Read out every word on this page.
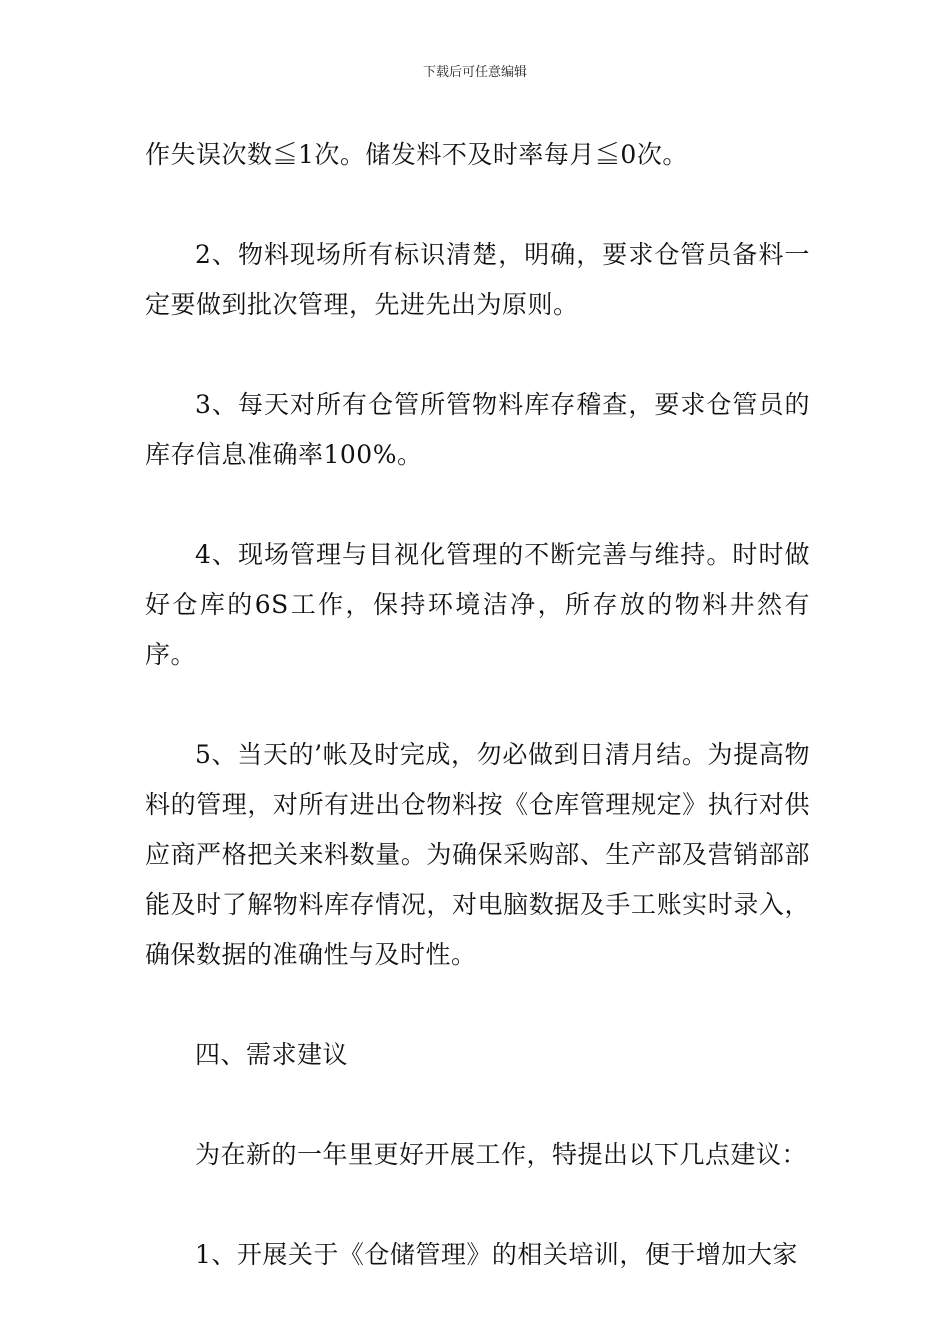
下载后可任意编辑

作失误次数≦1次。储发料不及时率每月≦0次。

2、物料现场所有标识清楚，明确，要求仓管员备料一定要做到批次管理，先进先出为原则。

3、每天对所有仓管所管物料库存稽查，要求仓管员的库存信息准确率100%。

4、现场管理与目视化管理的不断完善与维持。时时做好仓库的6S工作，保持环境洁净，所存放的物料井然有序。

5、当天的’帐及时完成，勿必做到日清月结。为提高物料的管理，对所有进出仓物料按《仓库管理规定》执行对供应商严格把关来料数量。为确保采购部、生产部及营销部部能及时了解物料库存情况，对电脑数据及手工账实时录入，确保数据的准确性与及时性。

四、需求建议

为在新的一年里更好开展工作，特提出以下几点建议：

1、开展关于《仓储管理》的相关培训，便于增加大家
